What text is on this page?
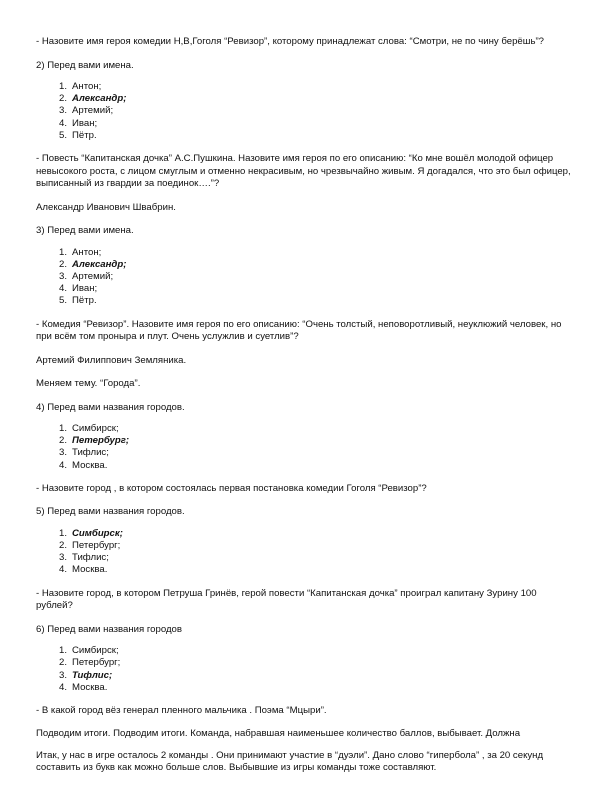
- Назовите имя героя комедии Н,В,Гоголя “Ревизор”, которому принадлежат слова: “Смотри, не по чину берёшь”?

2) Перед вами имена.

1. Антон;
2. Александр;
3. Артемий;
4. Иван;
5. Пётр.

- Повесть “Капитанская дочка” А.С.Пушкина. Назовите имя героя по его описанию: “Ко мне вошёл молодой офицер невысокого роста, с лицом смуглым и отменно некрасивым, но чрезвычайно живым. Я догадался, что это был офицер, выписанный из гвардии за поединок….”?

Александр Иванович Швабрин.

3) Перед вами имена.

1. Антон;
2. Александр;
3. Артемий;
4. Иван;
5. Пётр.

- Комедия “Ревизор”. Назовите имя героя по его описанию: “Очень толстый, неповоротливый, неуклюжий человек, но при всём том проныра и плут. Очень услужлив и суетлив”?

Артемий Филиппович Земляника.

Меняем тему. “Города”.

4) Перед вами названия городов.

1. Симбирск;
2. Петербург;
3. Тифлис;
4. Москва.

- Назовите город , в котором состоялась первая постановка комедии Гоголя “Ревизор”?

5) Перед вами названия городов.

1. Симбирск;
2. Петербург;
3. Тифлис;
4. Москва.

- Назовите город, в котором Петруша Гринёв, герой повести “Капитанская дочка” проиграл капитану Зурину 100 рублей?

6) Перед вами названия городов

1. Симбирск;
2. Петербург;
3. Тифлис;
4. Москва.

- В какой город вёз генерал пленного мальчика . Поэма “Мцыри”.

Подводим итоги. Подводим итоги. Команда, набравшая наименьшее количество баллов, выбывает. Должна

Итак, у нас в игре осталось 2 команды . Они принимают участие в “дуэли”. Дано слово “гипербола” , за 20 секунд составить из букв как можно больше слов. Выбывшие из игры команды тоже составляют.
